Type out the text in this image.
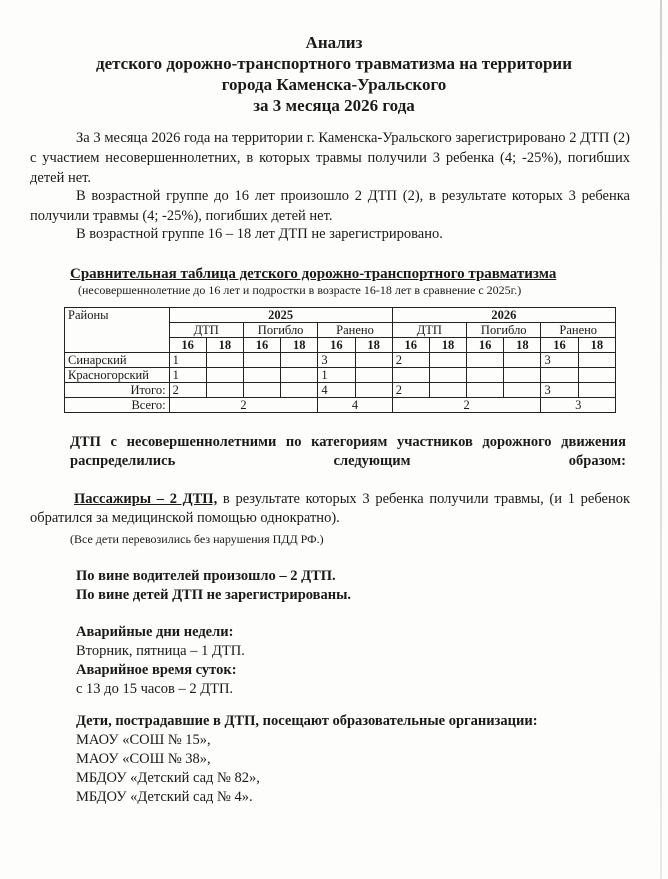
Анализ
детского дорожно-транспортного травматизма на территории
города Каменска-Уральского
за 3 месяца 2026 года
За 3 месяца 2026 года на территории г. Каменска-Уральского зарегистрировано 2 ДТП (2) с участием несовершеннолетних, в которых травмы получили 3 ребенка (4; -25%), погибших детей нет.
В возрастной группе до 16 лет произошло 2 ДТП (2), в результате которых 3 ребенка получили травмы (4; -25%), погибших детей нет.
В возрастной группе 16 – 18 лет ДТП не зарегистрировано.
Сравнительная таблица детского дорожно-транспортного травматизма
(несовершеннолетние до 16 лет и подростки в возрасте 16-18 лет в сравнение с 2025г.)
Районы	2025						2026					
	ДТП		Погибло		Ранено		ДТП		Погибло		Ранено	
	16	18	16	18	16	18	16	18	16	18	16	18
Синарский	1				3		2				3	
Красногорский	1				1							
Итого:	2				4		2				3	
Всего:	2				4		2				3	
ДТП с несовершеннолетними по категориям участников дорожного движения распределились следующим образом:
Пассажиры – 2 ДТП, в результате которых 3 ребенка получили травмы, (и 1 ребенок обратился за медицинской помощью однократно).
(Все дети перевозились без нарушения ПДД РФ.)
По вине водителей произошло – 2 ДТП.
По вине детей ДТП не зарегистрированы.
Аварийные дни недели:
Вторник, пятница – 1 ДТП.
Аварийное время суток:
с 13 до 15 часов – 2 ДТП.
Дети, пострадавшие в ДТП, посещают образовательные организации:
МАОУ «СОШ № 15»,
МАОУ «СОШ № 38»,
МБДОУ «Детский сад № 82»,
МБДОУ «Детский сад № 4».
